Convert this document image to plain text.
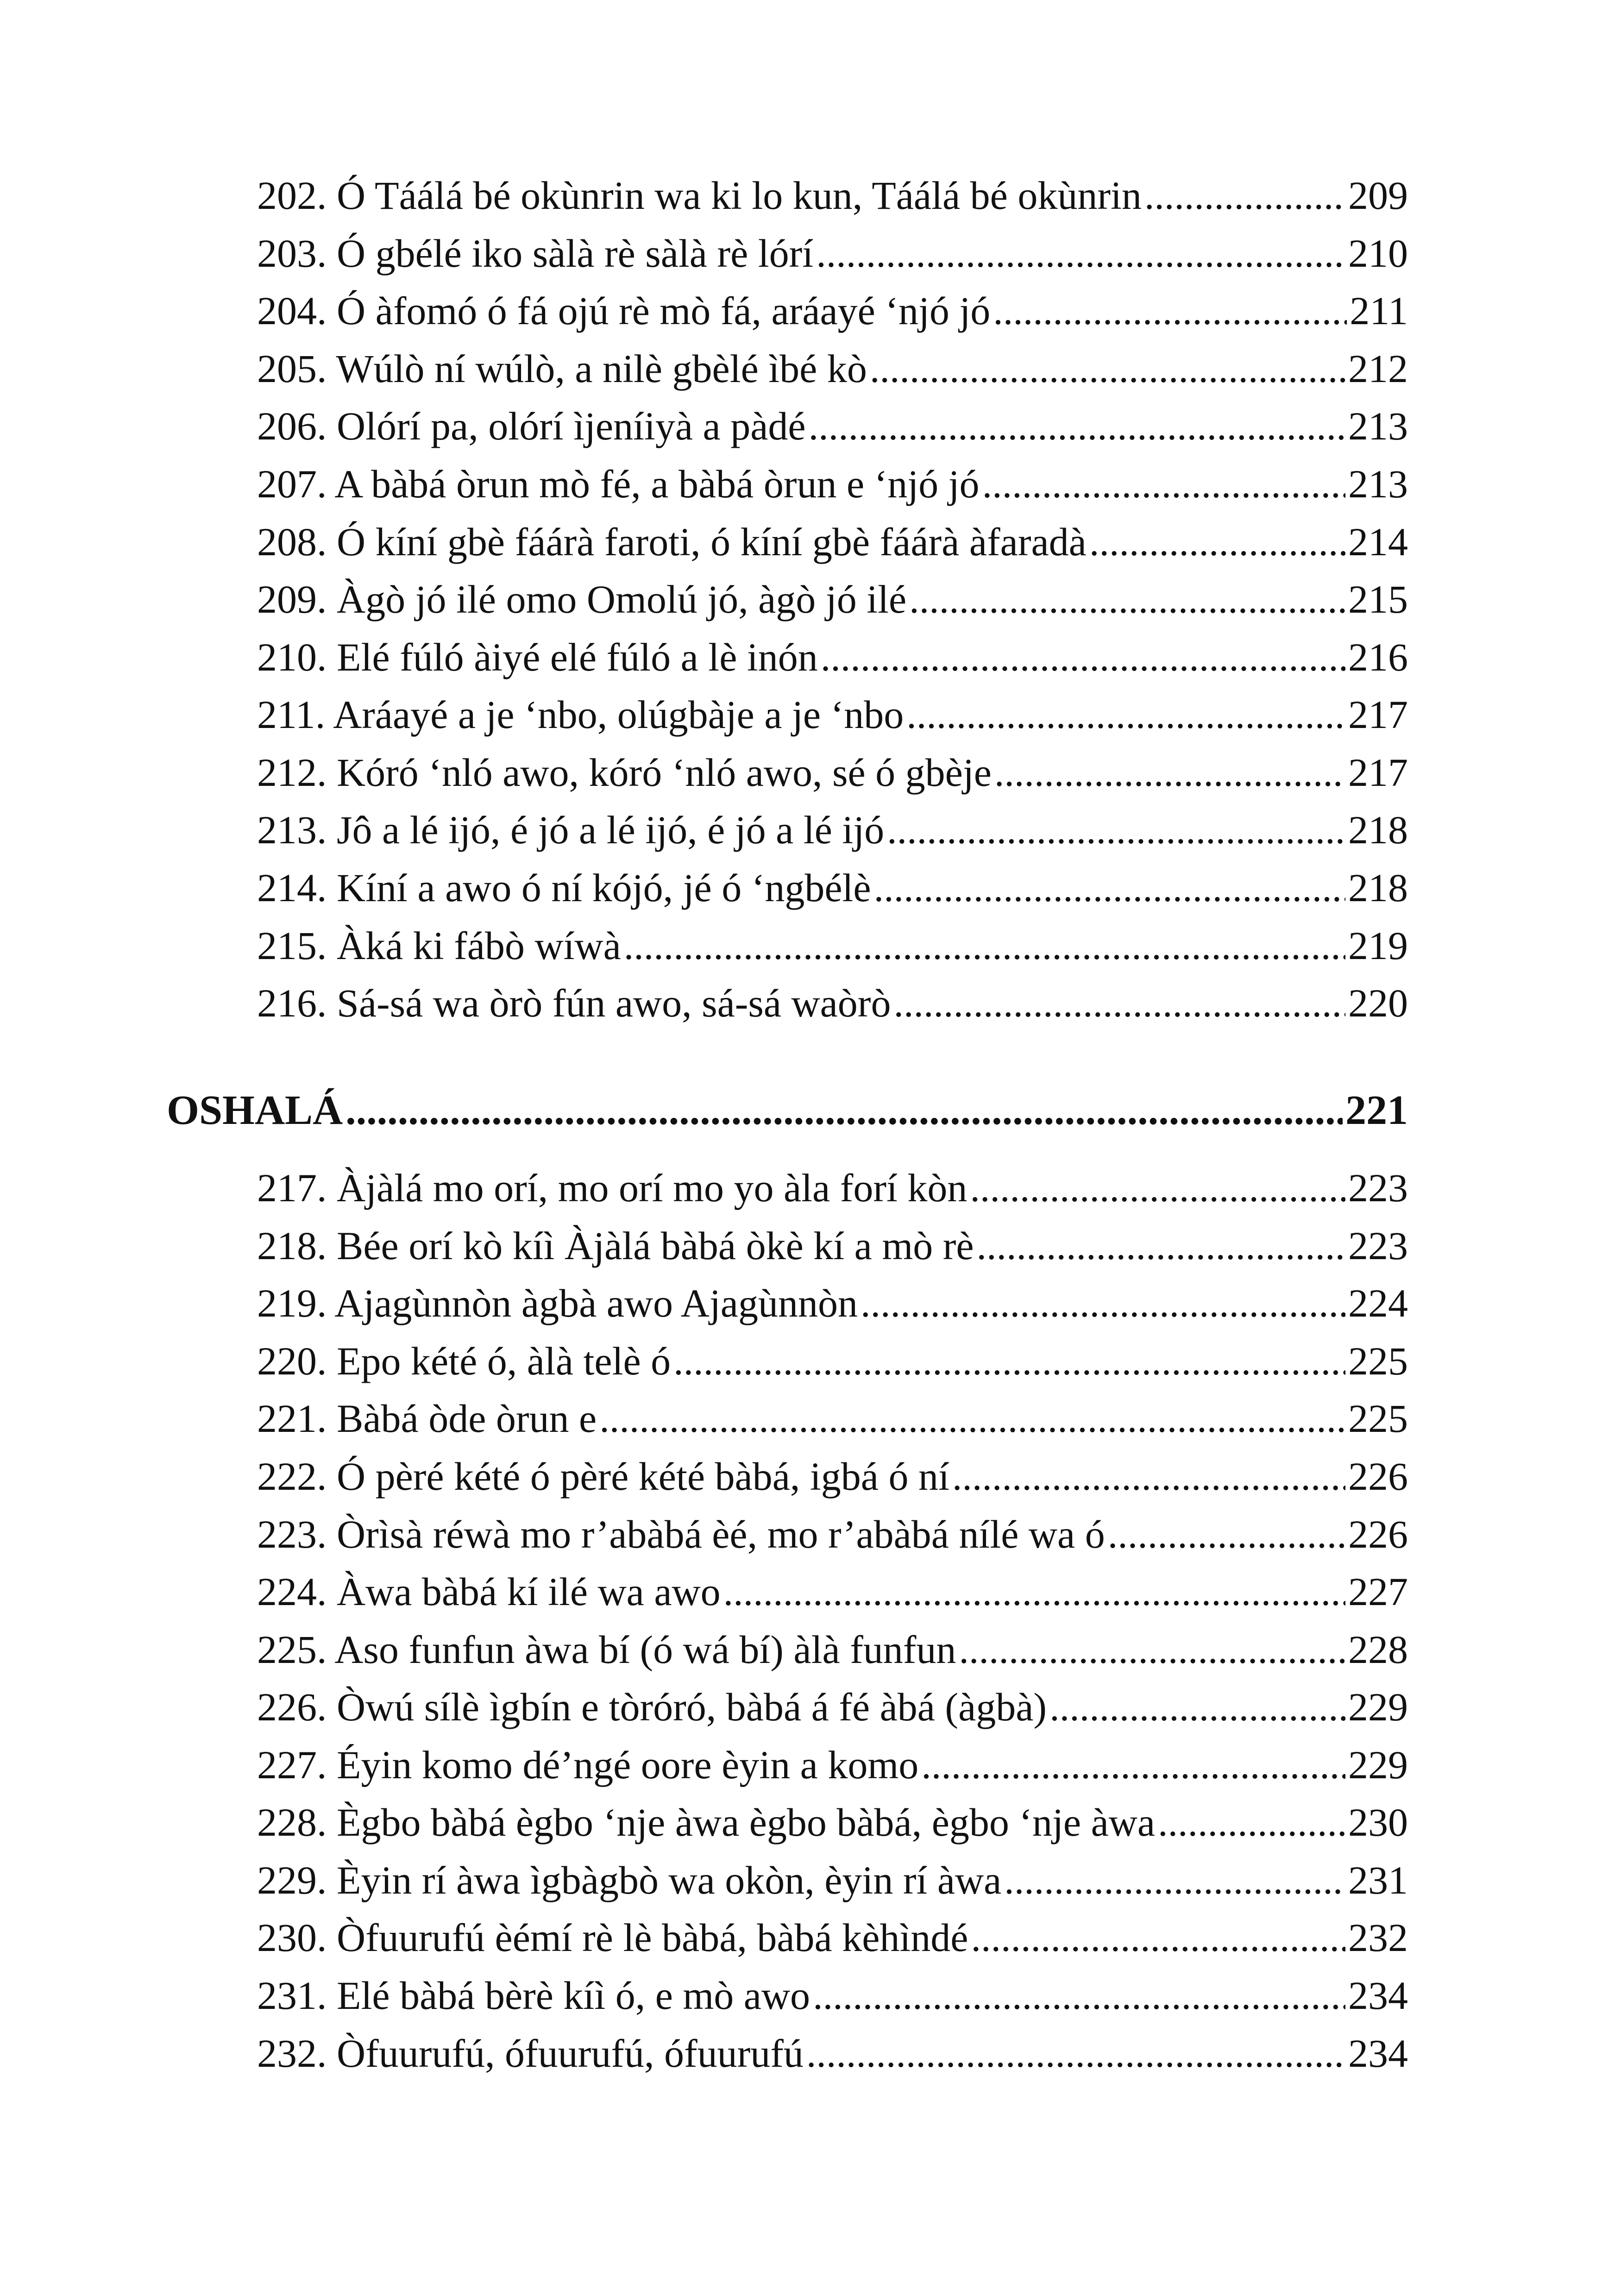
202. Ó Táálá bé okùnrin wa ki lo kun, Táálá bé okùnrin .....	209
203. Ó gbélé iko sàlà rè sàlà rè lórí .....	210
204. Ó àfomó ó fá ojú rè mò fá, aráayé ‘njó jó .....	211
205. Wúlò ní wúlò, a nilè gbèlé ìbé kò .....	212
206. Olórí pa, olórí ìjeníiyà a pàdé .....	213
207. A bàbá òrun mò fé, a bàbá òrun e ‘njó jó .....	213
208. Ó kíní gbè fáárà faroti, ó kíní gbè fáárà àfaradà .....	214
209. Àgò jó ilé omo Omolú jó, àgò jó ilé .....	215
210. Elé fúló àiyé elé fúló a lè inón .....	216
211. Aráayé a je ‘nbo, olúgbàje a je ‘nbo .....	217
212. Kóró ‘nló awo, kóró ‘nló awo, sé ó gbèje .....	217
213. Jô a lé ijó, é jó a lé ijó, é jó a lé ijó .....	218
214. Kíní a awo ó ní kójó, jé ó ‘ngbélè .....	218
215. Àká ki fábò wíwà .....	219
216. Sá-sá wa òrò fún awo, sá-sá waòrò .....	220
OSHALÁ .....	221
217. Àjàlá mo orí, mo orí mo yo àla forí kòn .....	223
218. Bée orí kò kíì Àjàlá bàbá òkè kí a mò rè .....	223
219. Ajagùnnòn àgbà awo Ajagùnnòn .....	224
220. Epo kété ó, àlà telè ó .....	225
221. Bàbá òde òrun e .....	225
222. Ó pèré kété ó pèré kété bàbá, igbá ó ní .....	226
223. Òrìsà réwà mo r’abàbá èé, mo r’abàbá nílé wa ó .....	226
224. Àwa bàbá kí ilé wa awo .....	227
225. Aso funfun àwa bí (ó wá bí) àlà funfun .....	228
226. Òwú sílè ìgbín e tòróró, bàbá á fé àbá (àgbà) .....	229
227. Éyin komo dé’ngé oore èyin a komo .....	229
228. Ègbo bàbá ègbo ‘nje àwa ègbo bàbá, ègbo ‘nje àwa .....	230
229. Èyin rí àwa ìgbàgbò wa okòn, èyin rí àwa .....	231
230. Òfuurufú èémí rè lè bàbá, bàbá kèhìndé .....	232
231. Elé bàbá bèrè kíì ó, e mò awo .....	234
232. Òfuurufú, ófuurufú, ófuurufú .....	234
